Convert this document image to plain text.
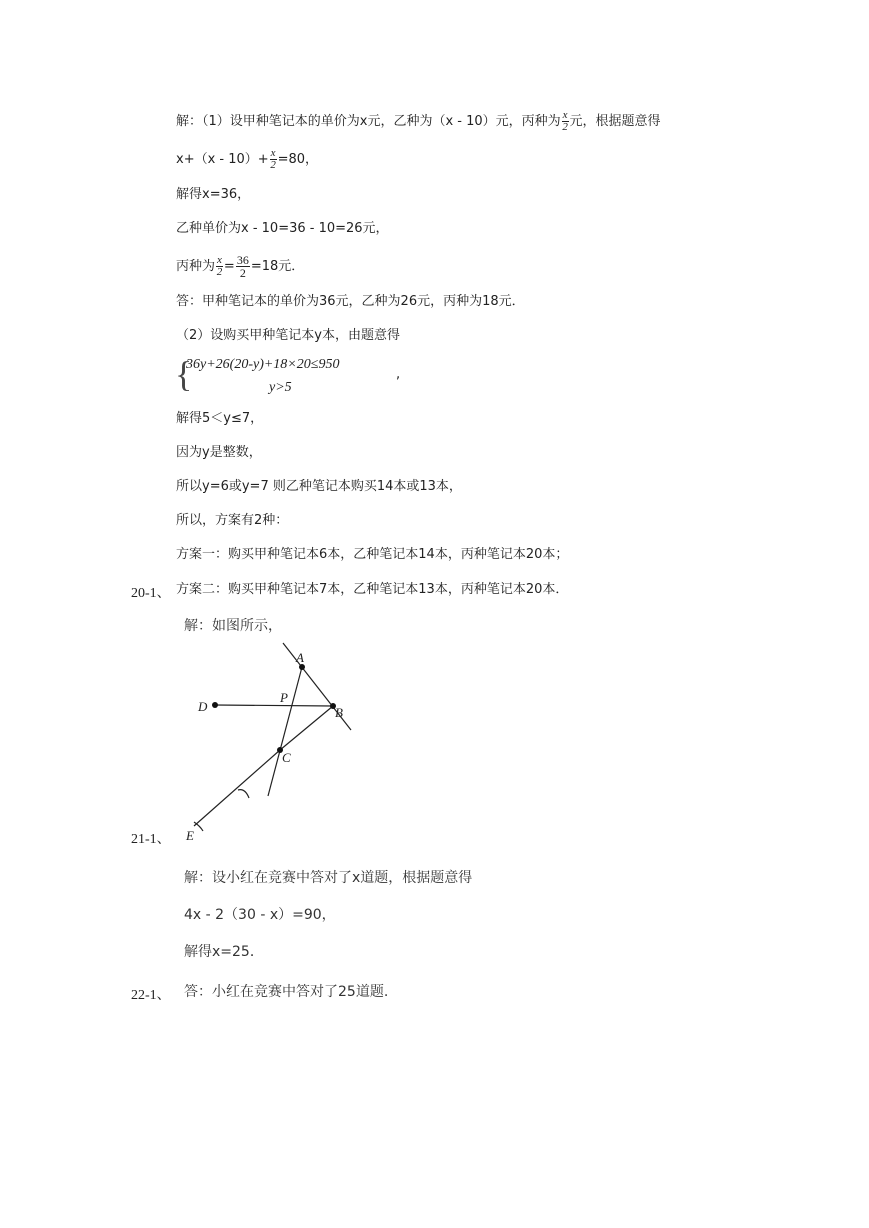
解：（1）设甲种笔记本的单价为x元，乙种为（x - 10）元，丙种为 $\frac{x}{2}$ 元，根据题意得
$x+(x - 10)+ \frac{x}{2} =80$，
解得x=36，
乙种单价为x - 10=36 - 10=26元，
丙种为 $\frac{x}{2} = \frac{36}{2} =18$元．
答：甲种笔记本的单价为36元，乙种为26元，丙种为18元．
（2）设购买甲种笔记本y本，由题意得
{
36y+26(20-y)+18×20≤950
y>5
,
解得5＜y≤7，
因为y是整数，
所以y=6或y=7 则乙种笔记本购买14本或13本，
所以，方案有2种：
方案一：购买甲种笔记本6本，乙种笔记本14本，丙种笔记本20本；
方案二：购买甲种笔记本7本，乙种笔记本13本，丙种笔记本20本．
20-1、
解：如图所示，
A
P
B
D
C
E
21-1、
解：设小红在竞赛中答对了x道题，根据题意得
4x - 2（30 - x）=90，
解得x=25．
答：小红在竞赛中答对了25道题.
22-1、
